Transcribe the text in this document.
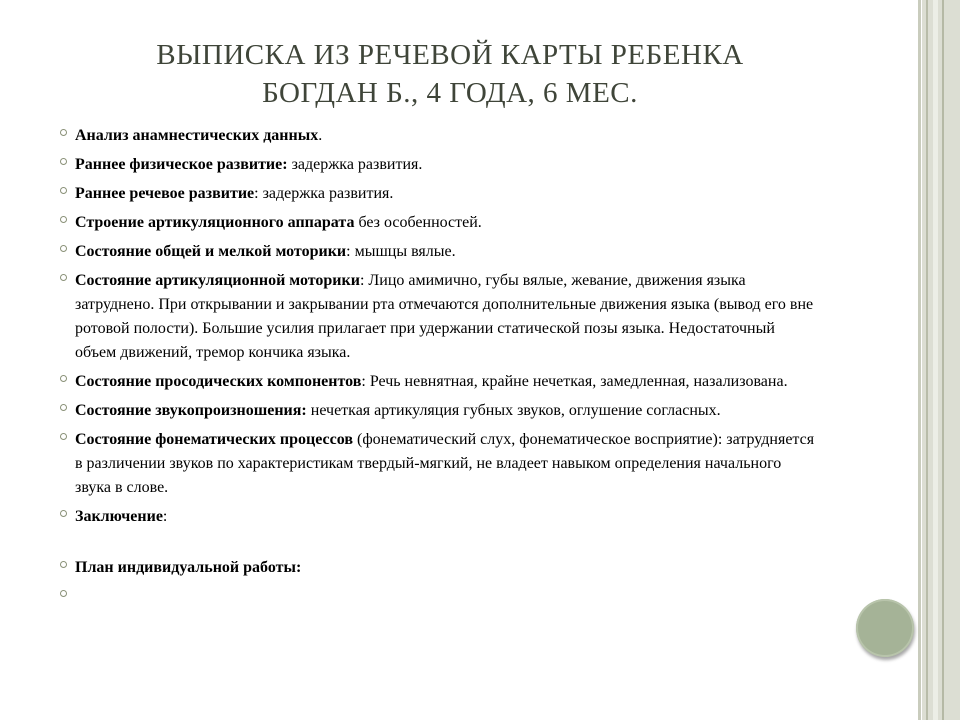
ВЫПИСКА ИЗ РЕЧЕВОЙ КАРТЫ РЕБЕНКА
БОГДАН Б., 4 ГОДА, 6 МЕС.
Анализ анамнестических данных.
Раннее физическое развитие: задержка развития.
Раннее речевое развитие: задержка развития.
Строение артикуляционного аппарата без особенностей.
Состояние общей и мелкой моторики: мышцы вялые.
Состояние артикуляционной моторики: Лицо амимично, губы вялые, жевание, движения языка затруднено. При открывании и закрывании рта отмечаются дополнительные движения языка (вывод его вне ротовой полости). Большие усилия прилагает при удержании статической позы языка. Недостаточный объем движений, тремор кончика языка.
Состояние просодических компонентов: Речь невнятная, крайне нечеткая, замедленная, назализована.
Состояние звукопроизношения: нечеткая артикуляция губных звуков, оглушение согласных.
Состояние фонематических процессов (фонематический слух, фонематическое восприятие): затрудняется в различении звуков по характеристикам твердый-мягкий, не владеет навыком определения начального звука в слове.
Заключение:
План индивидуальной работы:
